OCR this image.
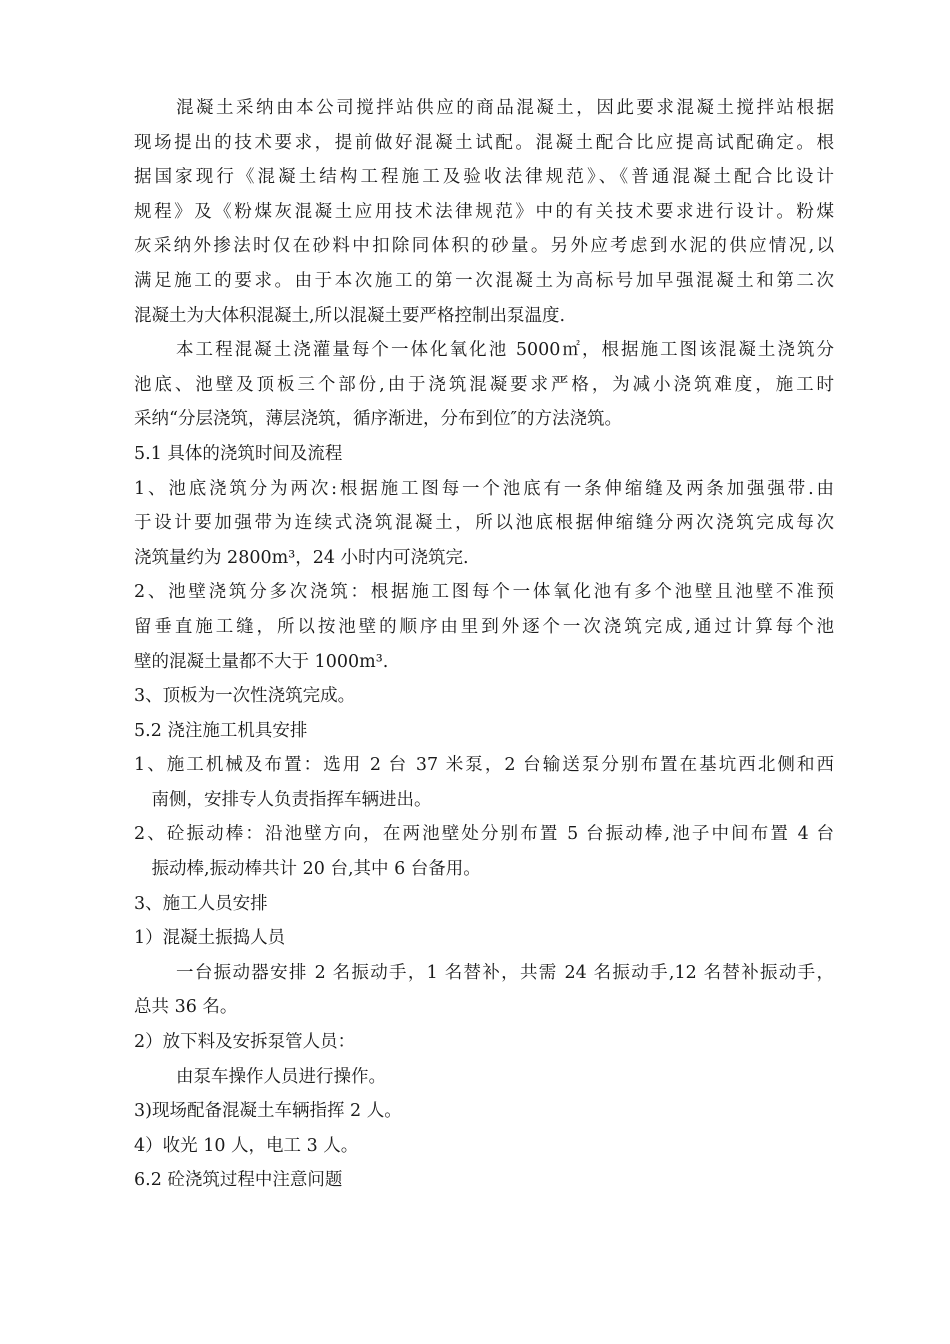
混凝土采纳由本公司搅拌站供应的商品混凝土，因此要求混凝土搅拌站根据

现场提出的技术要求，提前做好混凝土试配。混凝土配合比应提高试配确定。根

据国家现行《混凝土结构工程施工及验收法律规范》、《普通混凝土配合比设计

规程》及《粉煤灰混凝土应用技术法律规范》中的有关技术要求进行设计。粉煤

灰采纳外掺法时仅在砂料中扣除同体积的砂量。另外应考虑到水泥的供应情况,以

满足施工的要求。由于本次施工的第一次混凝土为高标号加早强混凝土和第二次

混凝土为大体积混凝土,所以混凝土要严格控制出泵温度.

本工程混凝土浇灌量每个一体化氧化池 5000㎡，根据施工图该混凝土浇筑分

池底、池壁及顶板三个部份,由于浇筑混凝要求严格，为减小浇筑难度，施工时

采纳“分层浇筑，薄层浇筑，循序渐进，分布到位″的方法浇筑。

5.1 具体的浇筑时间及流程

1、池底浇筑分为两次:根据施工图每一个池底有一条伸缩缝及两条加强强带.由

于设计要加强带为连续式浇筑混凝土，所以池底根据伸缩缝分两次浇筑完成每次

浇筑量约为 2800m³，24 小时内可浇筑完.

2、池壁浇筑分多次浇筑：根据施工图每个一体氧化池有多个池壁且池壁不准预

留垂直施工缝，所以按池壁的顺序由里到外逐个一次浇筑完成,通过计算每个池

壁的混凝土量都不大于 1000m³.

3、顶板为一次性浇筑完成。

5.2 浇注施工机具安排

1、施工机械及布置：选用 2 台 37 米泵，2 台输送泵分别布置在基坑西北侧和西

南侧，安排专人负责指挥车辆进出。

2、砼振动棒：沿池壁方向，在两池壁处分别布置 5 台振动棒,池子中间布置 4 台

振动棒,振动棒共计 20 台,其中 6 台备用。

3、施工人员安排

1）混凝土振捣人员

一台振动器安排 2 名振动手，1 名替补，共需 24 名振动手,12 名替补振动手，

总共 36 名。

2）放下料及安拆泵管人员：

由泵车操作人员进行操作。

3)现场配备混凝土车辆指挥 2 人。

4）收光 10 人，电工 3 人。

6.2 砼浇筑过程中注意问题
